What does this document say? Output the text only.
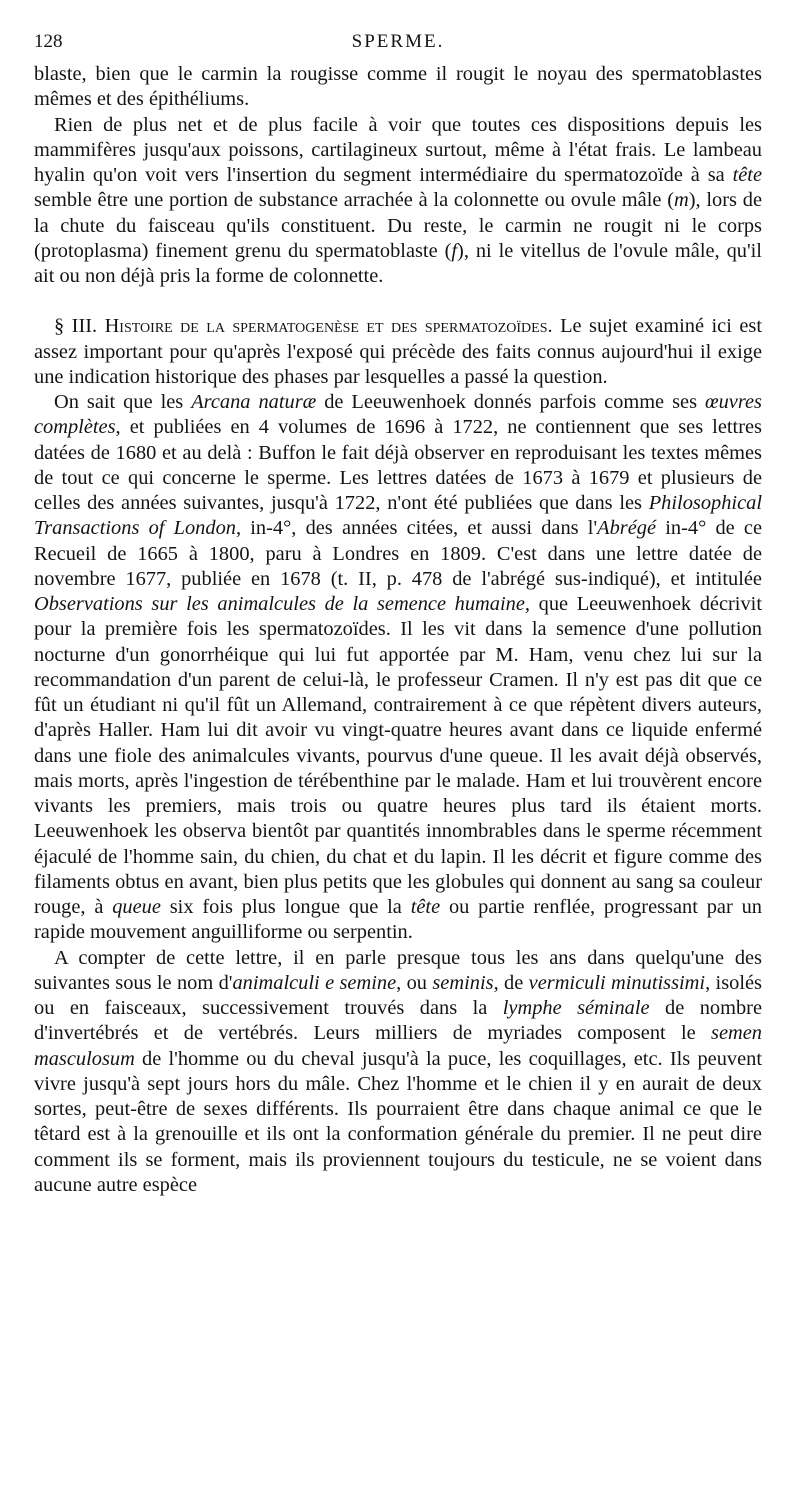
128	SPERME.

blaste, bien que le carmin la rougisse comme il rougit le noyau des spermatoblastes mêmes et des épithéliums.

Rien de plus net et de plus facile à voir que toutes ces dispositions depuis les mammifères jusqu'aux poissons, cartilagineux surtout, même à l'état frais. Le lambeau hyalin qu'on voit vers l'insertion du segment intermédiaire du spermatozoïde à sa tête semble être une portion de substance arrachée à la colonnette ou ovule mâle (m), lors de la chute du faisceau qu'ils constituent. Du reste, le carmin ne rougit ni le corps (protoplasma) finement grenu du spermatoblaste (f), ni le vitellus de l'ovule mâle, qu'il ait ou non déjà pris la forme de colonnette.

§ III. Histoire de la spermatogenèse et des spermatozoïdes. Le sujet examiné ici est assez important pour qu'après l'exposé qui précède des faits connus aujourd'hui il exige une indication historique des phases par lesquelles a passé la question.

On sait que les Arcana naturæ de Leeuwenhoek donnés parfois comme ses œuvres complètes, et publiées en 4 volumes de 1696 à 1722, ne contiennent que ses lettres datées de 1680 et au delà : Buffon le fait déjà observer en reproduisant les textes mêmes de tout ce qui concerne le sperme. Les lettres datées de 1673 à 1679 et plusieurs de celles des années suivantes, jusqu'à 1722, n'ont été publiées que dans les Philosophical Transactions of London, in-4°, des années citées, et aussi dans l'Abrégé in-4° de ce Recueil de 1665 à 1800, paru à Londres en 1809. C'est dans une lettre datée de novembre 1677, publiée en 1678 (t. II, p. 478 de l'abrégé sus-indiqué), et intitulée Observations sur les animalcules de la semence humaine, que Leeuwenhoek décrivit pour la première fois les spermatozoïdes. Il les vit dans la semence d'une pollution nocturne d'un gonorrhéique qui lui fut apportée par M. Ham, venu chez lui sur la recommandation d'un parent de celui-là, le professeur Cramen. Il n'y est pas dit que ce fût un étudiant ni qu'il fût un Allemand, contrairement à ce que répètent divers auteurs, d'après Haller. Ham lui dit avoir vu vingt-quatre heures avant dans ce liquide enfermé dans une fiole des animalcules vivants, pourvus d'une queue. Il les avait déjà observés, mais morts, après l'ingestion de térébenthine par le malade. Ham et lui trouvèrent encore vivants les premiers, mais trois ou quatre heures plus tard ils étaient morts. Leeuwenhoek les observa bientôt par quantités innombrables dans le sperme récemment éjaculé de l'homme sain, du chien, du chat et du lapin. Il les décrit et figure comme des filaments obtus en avant, bien plus petits que les globules qui donnent au sang sa couleur rouge, à queue six fois plus longue que la tête ou partie renflée, progressant par un rapide mouvement anguilliforme ou serpentin.

A compter de cette lettre, il en parle presque tous les ans dans quelqu'une des suivantes sous le nom d'animalculi e semine, ou seminis, de vermiculi minutissimi, isolés ou en faisceaux, successivement trouvés dans la lymphe séminale de nombre d'invertébrés et de vertébrés. Leurs milliers de myriades composent le semen masculosum de l'homme ou du cheval jusqu'à la puce, les coquillages, etc. Ils peuvent vivre jusqu'à sept jours hors du mâle. Chez l'homme et le chien il y en aurait de deux sortes, peut-être de sexes différents. Ils pourraient être dans chaque animal ce que le têtard est à la grenouille et ils ont la conformation générale du premier. Il ne peut dire comment ils se forment, mais ils proviennent toujours du testicule, ne se voient dans aucune autre espèce
